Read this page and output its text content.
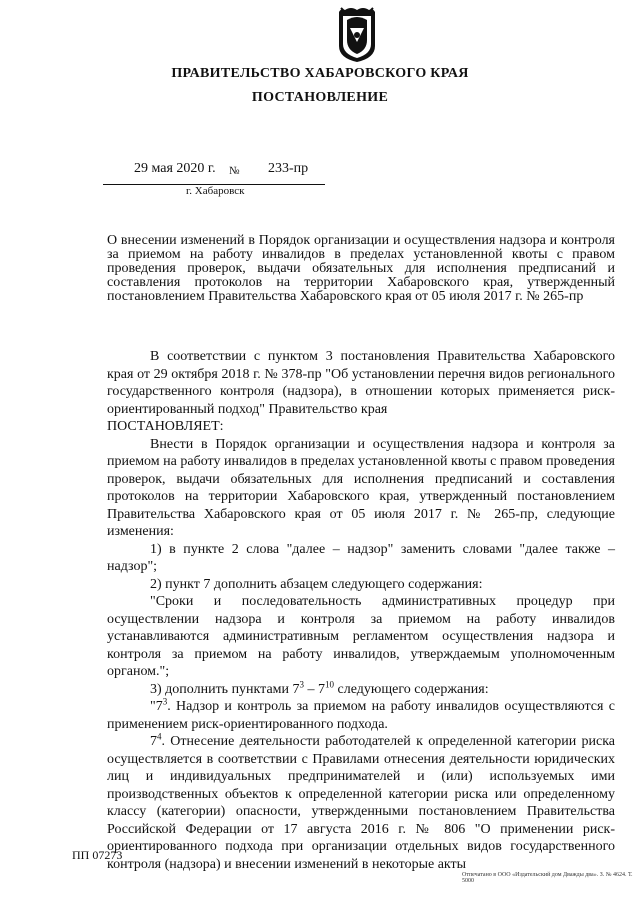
ПРАВИТЕЛЬСТВО ХАБАРОВСКОГО КРАЯ
ПОСТАНОВЛЕНИЕ
29 мая 2020 г. № 233-пр
г. Хабаровск
О внесении изменений в Порядок организации и осуществления надзора и контроля за приемом на работу инвалидов в пределах установленной квоты с правом проведения проверок, выдачи обязательных для исполнения предписаний и составления протоколов на территории Хабаровского края, утвержденный постановлением Правительства Хабаровского края от 05 июля 2017 г. № 265-пр

В соответствии с пунктом 3 постановления Правительства Хабаровского края от 29 октября 2018 г. № 378-пр "Об установлении перечня видов регионального государственного контроля (надзора), в отношении которых применяется риск-ориентированный подход" Правительство края

ПОСТАНОВЛЯЕТ:

Внести в Порядок организации и осуществления надзора и контроля за приемом на работу инвалидов в пределах установленной квоты с правом проведения проверок, выдачи обязательных для исполнения предписаний и составления протоколов на территории Хабаровского края, утвержденный постановлением Правительства Хабаровского края от 05 июля 2017 г. № 265-пр, следующие изменения:

1) в пункте 2 слова "далее – надзор" заменить словами "далее также – надзор";

2) пункт 7 дополнить абзацем следующего содержания:

"Сроки и последовательность административных процедур при осуществлении надзора и контроля за приемом на работу инвалидов устанавливаются административным регламентом осуществления надзора и контроля за приемом на работу инвалидов, утверждаемым уполномоченным органом.";

3) дополнить пунктами $7^3 - 7^{10}$ следующего содержания:

"$7^3$. Надзор и контроль за приемом на работу инвалидов осуществляются с применением риск-ориентированного подхода.

$7^4$. Отнесение деятельности работодателей к определенной категории риска осуществляется в соответствии с Правилами отнесения деятельности юридических лиц и индивидуальных предпринимателей и (или) используемых ими производственных объектов к определенной категории риска или определенному классу (категории) опасности, утвержденными постановлением Правительства Российской Федерации от 17 августа 2016 г. № 806 "О применении риск-ориентированного подхода при организации отдельных видов государственного контроля (надзора) и внесении изменений в некоторые акты

ПП 07273
Отпечатано в ООО «Издательский дом Дважды два». З. № 4624. Т. 5000
